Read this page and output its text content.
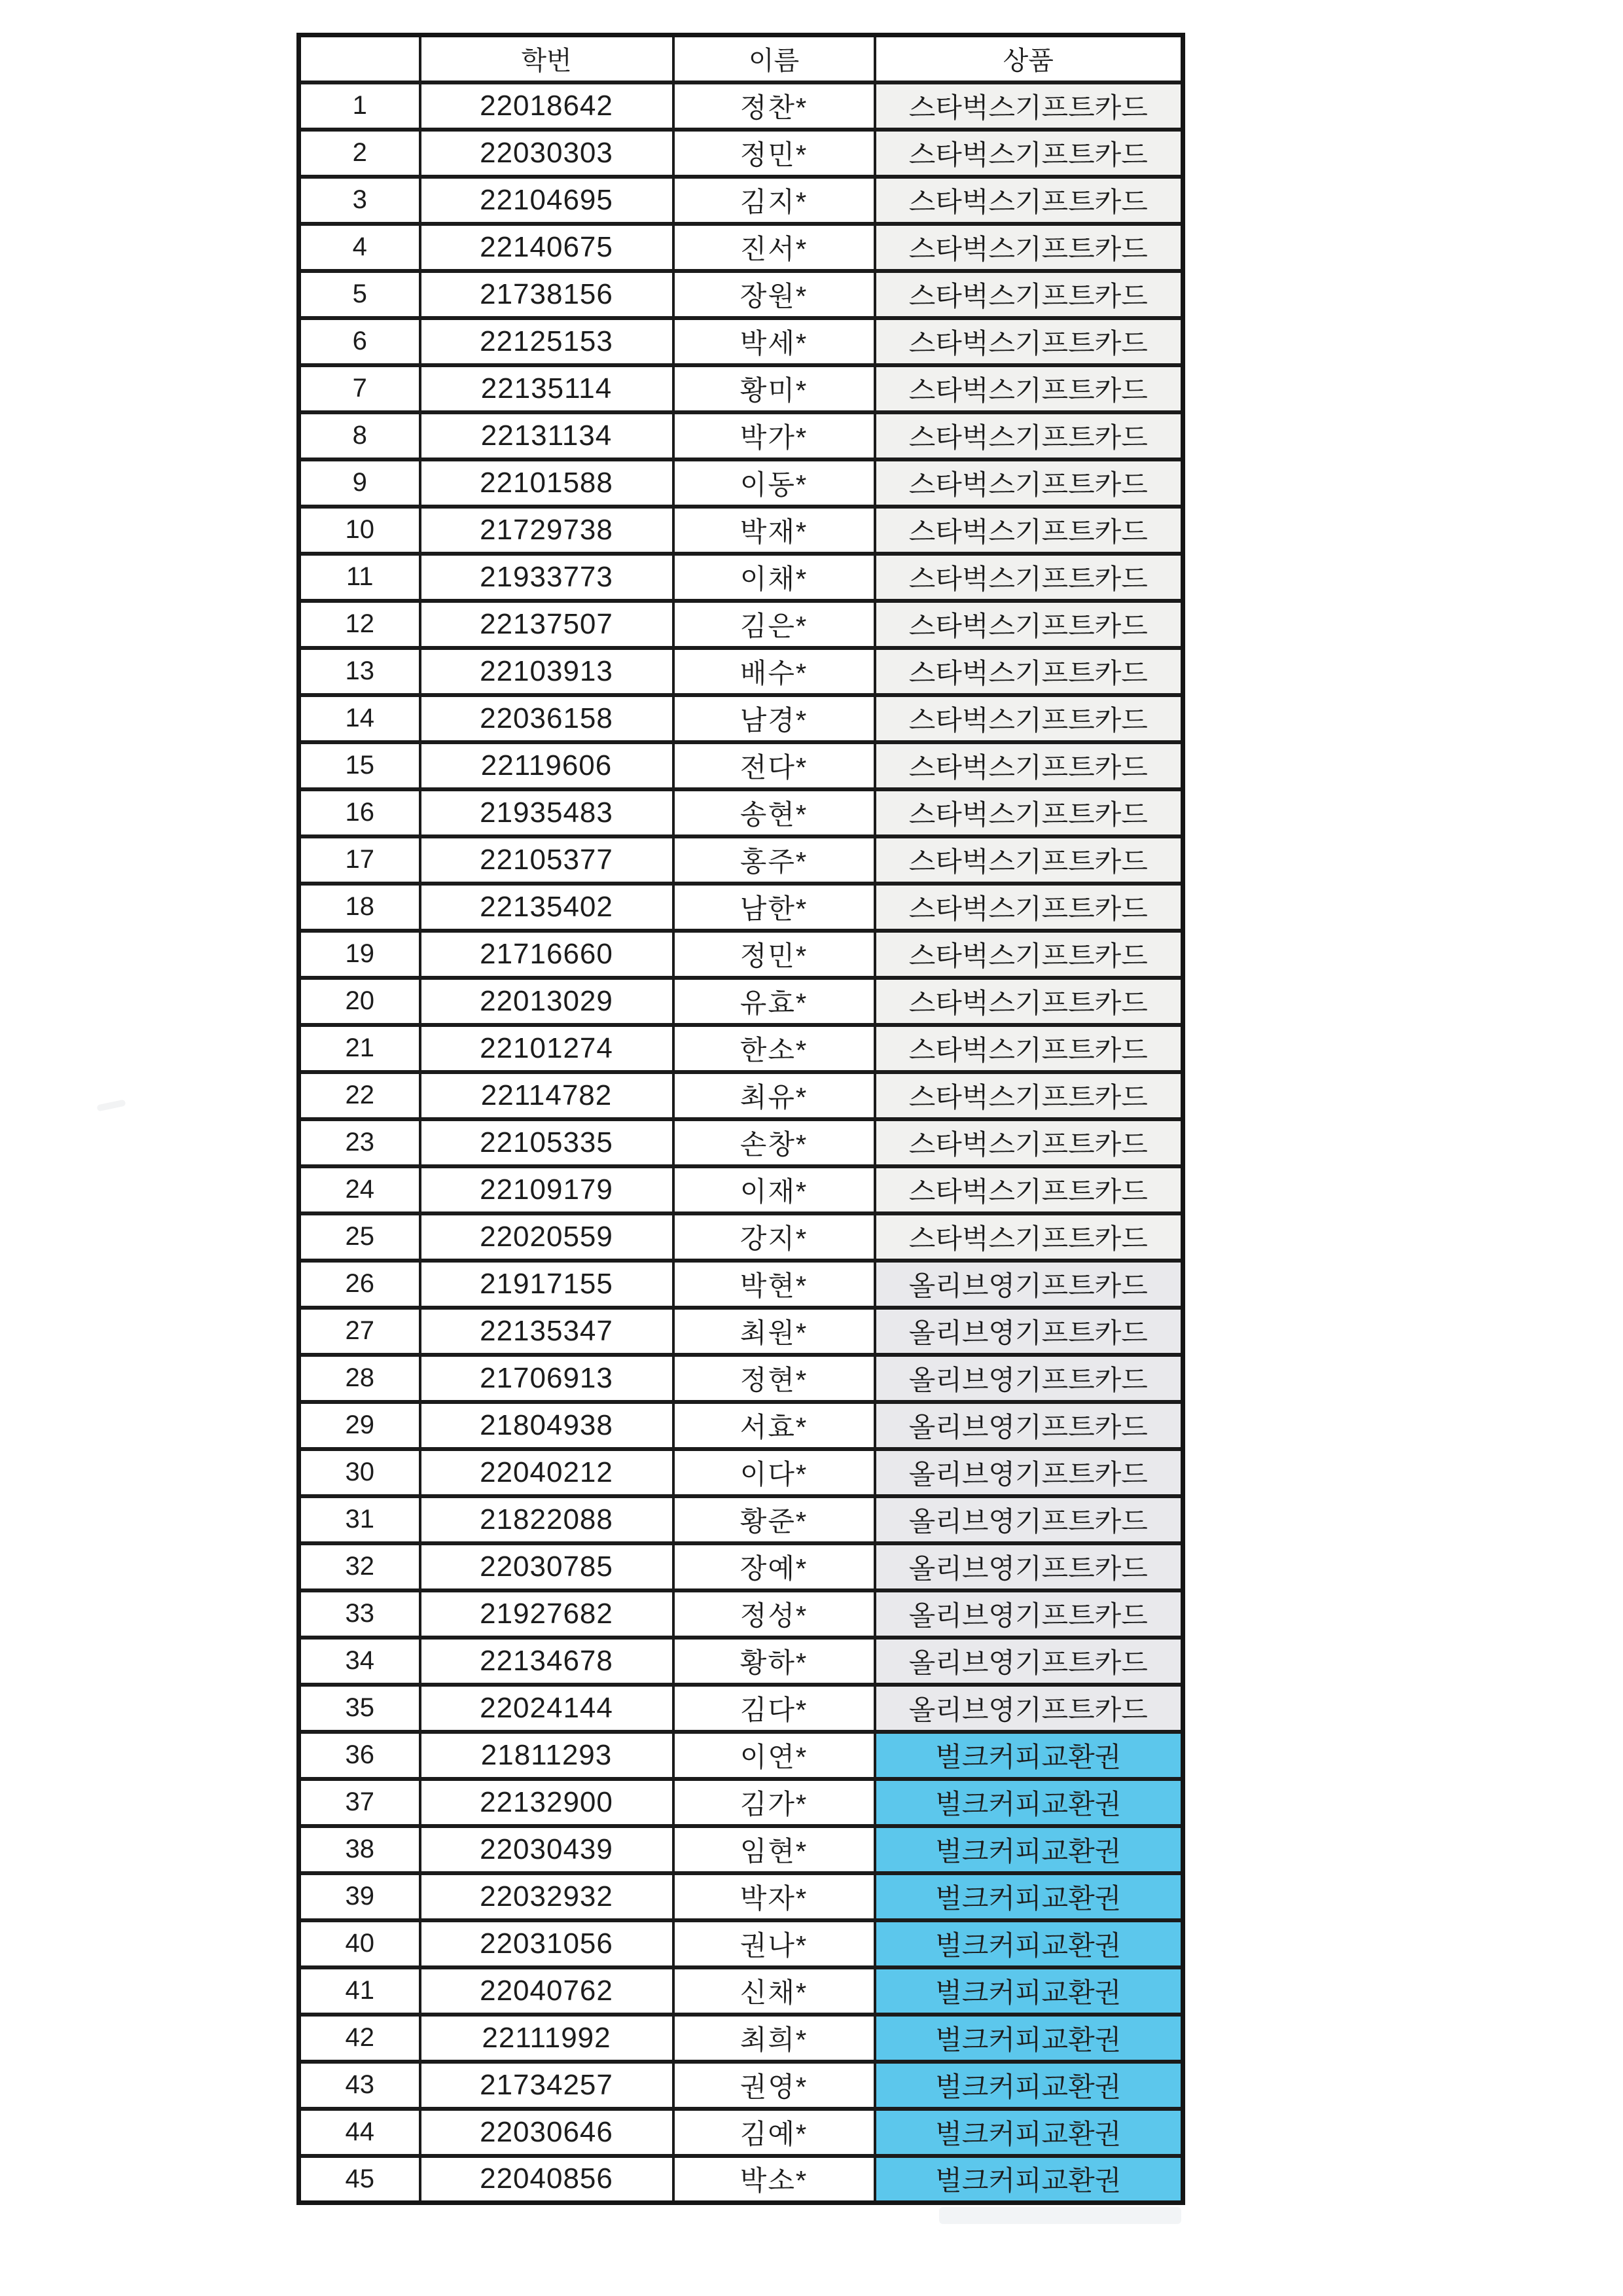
	학번	이름	상품
1	22018642	정찬*	스타벅스기프트카드
2	22030303	정민*	스타벅스기프트카드
3	22104695	김지*	스타벅스기프트카드
4	22140675	진서*	스타벅스기프트카드
5	21738156	장원*	스타벅스기프트카드
6	22125153	박세*	스타벅스기프트카드
7	22135114	황미*	스타벅스기프트카드
8	22131134	박가*	스타벅스기프트카드
9	22101588	이동*	스타벅스기프트카드
10	21729738	박재*	스타벅스기프트카드
11	21933773	이채*	스타벅스기프트카드
12	22137507	김은*	스타벅스기프트카드
13	22103913	배수*	스타벅스기프트카드
14	22036158	남경*	스타벅스기프트카드
15	22119606	전다*	스타벅스기프트카드
16	21935483	송현*	스타벅스기프트카드
17	22105377	홍주*	스타벅스기프트카드
18	22135402	남한*	스타벅스기프트카드
19	21716660	정민*	스타벅스기프트카드
20	22013029	유효*	스타벅스기프트카드
21	22101274	한소*	스타벅스기프트카드
22	22114782	최유*	스타벅스기프트카드
23	22105335	손창*	스타벅스기프트카드
24	22109179	이재*	스타벅스기프트카드
25	22020559	강지*	스타벅스기프트카드
26	21917155	박현*	올리브영기프트카드
27	22135347	최원*	올리브영기프트카드
28	21706913	정현*	올리브영기프트카드
29	21804938	서효*	올리브영기프트카드
30	22040212	이다*	올리브영기프트카드
31	21822088	황준*	올리브영기프트카드
32	22030785	장예*	올리브영기프트카드
33	21927682	정성*	올리브영기프트카드
34	22134678	황하*	올리브영기프트카드
35	22024144	김다*	올리브영기프트카드
36	21811293	이연*	벌크커피교환권
37	22132900	김가*	벌크커피교환권
38	22030439	임현*	벌크커피교환권
39	22032932	박자*	벌크커피교환권
40	22031056	권나*	벌크커피교환권
41	22040762	신채*	벌크커피교환권
42	22111992	최희*	벌크커피교환권
43	21734257	권영*	벌크커피교환권
44	22030646	김예*	벌크커피교환권
45	22040856	박소*	벌크커피교환권
